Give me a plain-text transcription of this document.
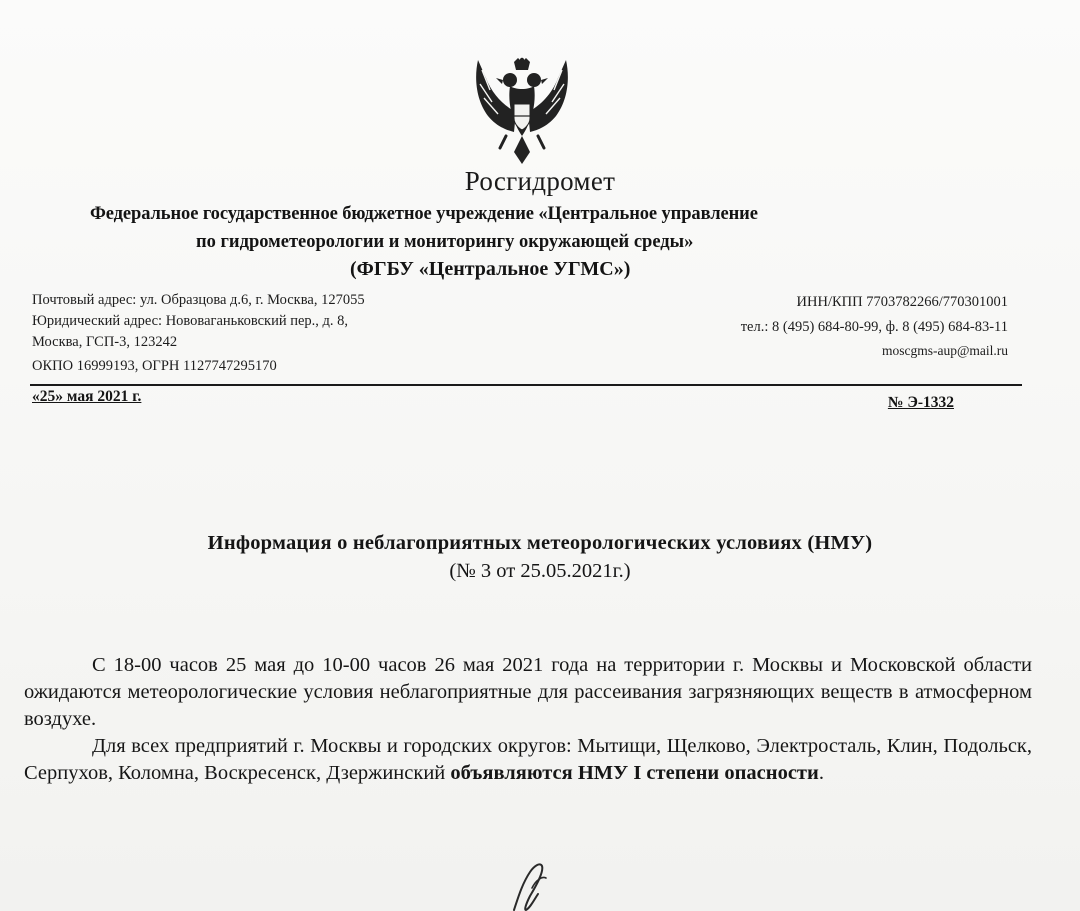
Росгидромет
Федеральное государственное бюджетное учреждение «Центральное управление
по гидрометеорологии и мониторингу окружающей среды»
(ФГБУ «Центральное УГМС»)
Почтовый адрес: ул. Образцова д.6, г. Москва, 127055
Юридический адрес: Нововаганьковский пер., д. 8,
Москва, ГСП-3, 123242
ОКПО 16999193, ОГРН 1127747295170
ИНН/КПП 7703782266/770301001
тел.: 8 (495) 684-80-99, ф. 8 (495) 684-83-11
moscgms-aup@mail.ru
«25» мая 2021 г.	№ Э-1332
Информация о неблагоприятных метеорологических условиях (НМУ)
(№ 3 от 25.05.2021г.)
С 18-00 часов 25 мая до 10-00 часов 26 мая 2021 года на территории г. Москвы и Московской области ожидаются метеорологические условия неблагоприятные для рассеивания загрязняющих веществ в атмосферном воздухе.
Для всех предприятий г. Москвы и городских округов: Мытищи, Щелково, Электросталь, Клин, Подольск, Серпухов, Коломна, Воскресенск, Дзержинский объявляются НМУ I степени опасности.
